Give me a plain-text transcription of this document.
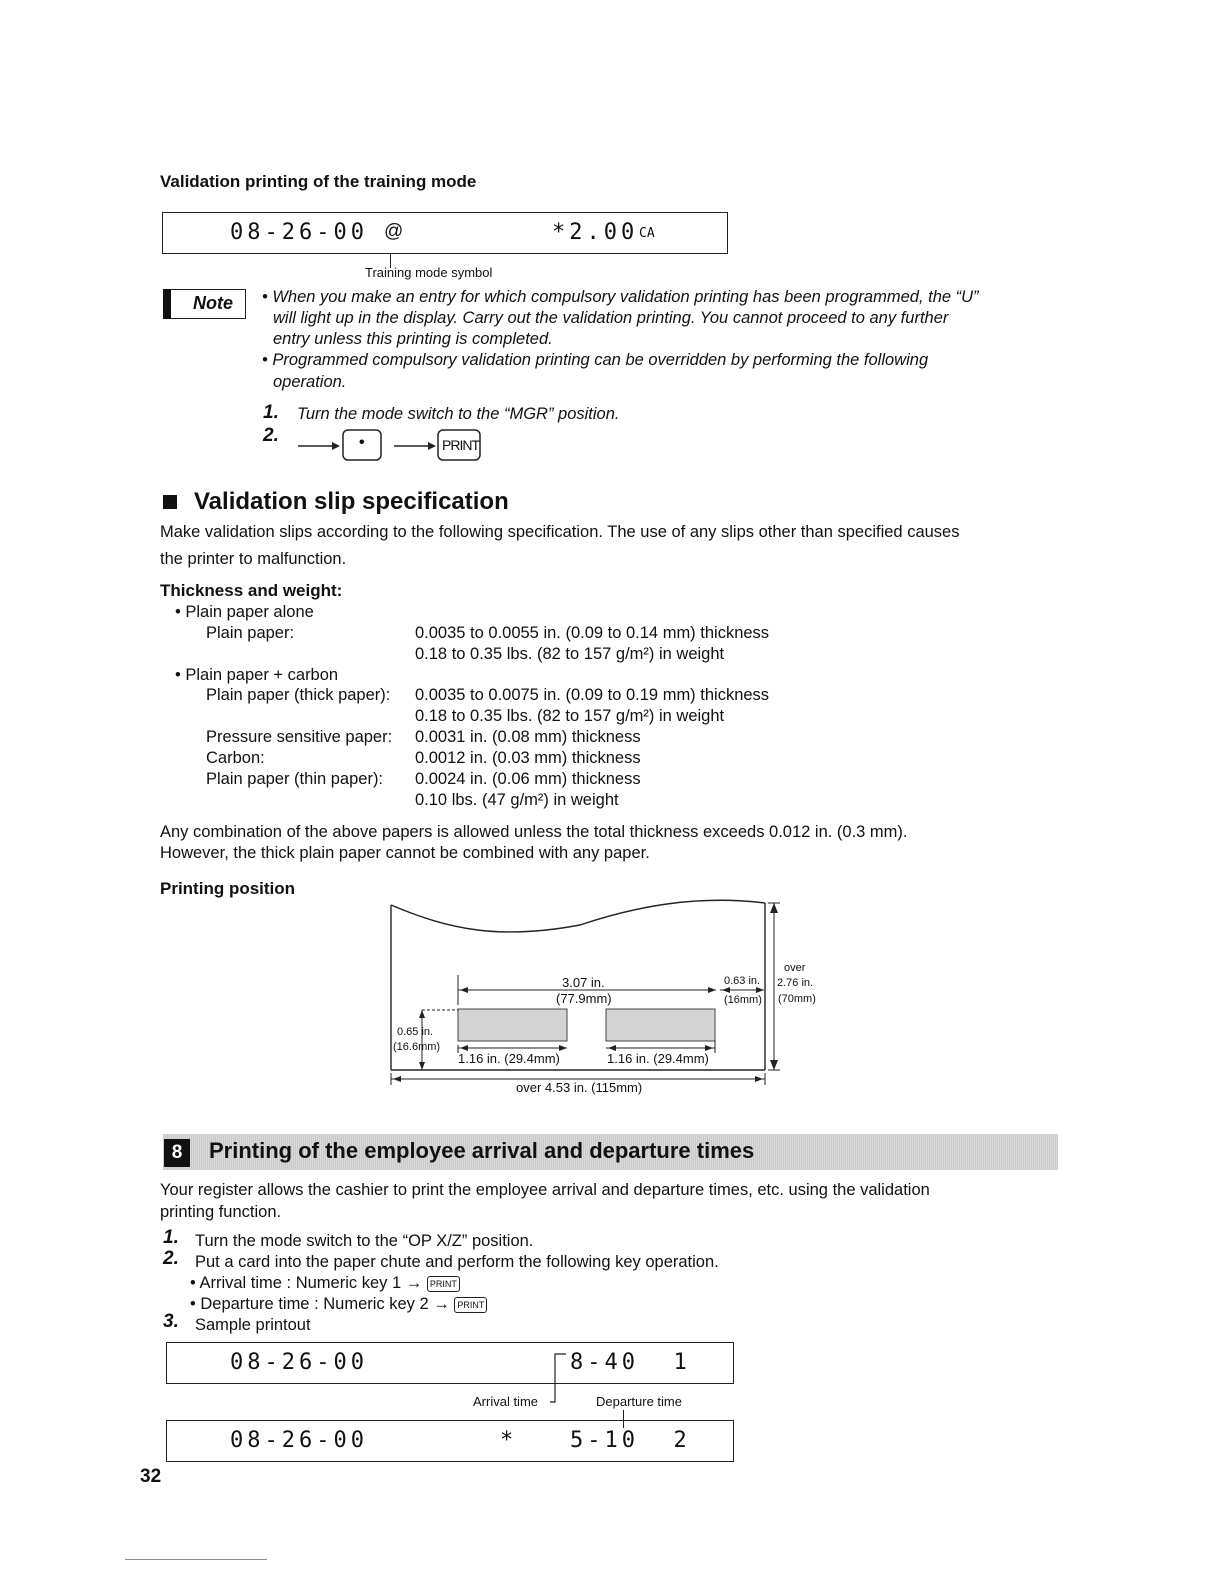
Validation printing of the training mode
08-26-00 @	*2.00 CA
Training mode symbol
Note • When you make an entry for which compulsory validation printing has been programmed, the “U”
will light up in the display. Carry out the validation printing. You cannot proceed to any further
entry unless this printing is completed.
• Programmed compulsory validation printing can be overridden by performing the following
operation.
1. Turn the mode switch to the “MGR” position.
2.	•	PRINT
Validation slip specification
Make validation slips according to the following specification. The use of any slips other than specified causes
the printer to malfunction.
Thickness and weight:
• Plain paper alone
Plain paper:	0.0035 to 0.0055 in. (0.09 to 0.14 mm) thickness
0.18 to 0.35 lbs. (82 to 157 g/m²) in weight
• Plain paper + carbon
Plain paper (thick paper): 0.0035 to 0.0075 in. (0.09 to 0.19 mm) thickness
0.18 to 0.35 lbs. (82 to 157 g/m²) in weight
Pressure sensitive paper: 0.0031 in. (0.08 mm) thickness
Carbon:	0.0012 in. (0.03 mm) thickness
Plain paper (thin paper): 0.0024 in. (0.06 mm) thickness
0.10 lbs. (47 g/m²) in weight
Any combination of the above papers is allowed unless the total thickness exceeds 0.012 in. (0.3 mm).
However, the thick plain paper cannot be combined with any paper.
Printing position
3.07 in.
(77.9mm)
0.63 in.
(16mm)
over
2.76 in.
(70mm)
0.65 in.
(16.6mm)
1.16 in. (29.4mm)	1.16 in. (29.4mm)
over 4.53 in. (115mm)
8	Printing of the employee arrival and departure times
Your register allows the cashier to print the employee arrival and departure times, etc. using the validation
printing function.
1. Turn the mode switch to the “OP X/Z” position.
2. Put a card into the paper chute and perform the following key operation.
• Arrival time : Numeric key 1 → PRINT
• Departure time : Numeric key 2 → PRINT
3. Sample printout
08-26-00	8-40  1
Arrival time	Departure time
08-26-00	* 5-10  2
32
